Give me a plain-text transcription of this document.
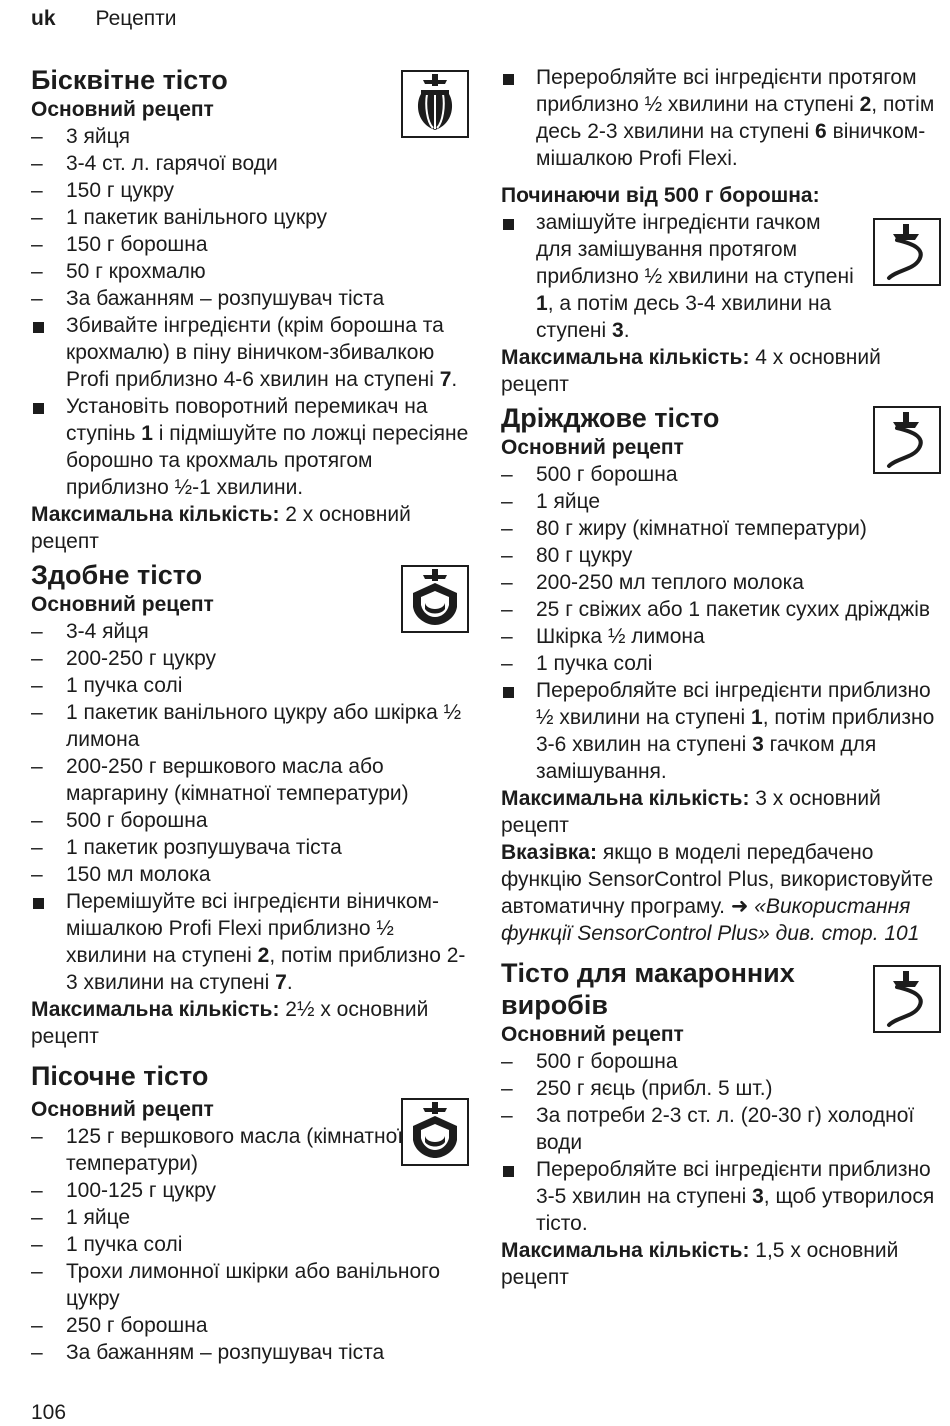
uk Рецепти
Бісквітне тісто
Основний рецепт
–	3 яйця
–	3-4 ст. л. гарячої води
–	150 г цукру
–	1 пакетик ванільного цукру
–	150 г борошна
–	50 г крохмалю
–	За бажанням – розпушувач тіста
Збивайте інгредієнти (крім борошна та крохмалю) в піну віничком-збивалкою Profi приблизно 4-6 хвилин на ступені 7.
Установіть поворотний перемикач на ступінь 1 і підмішуйте по ложці пересіяне борошно та крохмаль протягом приблизно ½-1 хвилини.
Максимальна кількість: 2 х основний рецепт
Здобне тісто
Основний рецепт
–	3-4 яйця
–	200-250 г цукру
–	1 пучка солі
–	1 пакетик ванільного цукру або шкірка ½ лимона
–	200-250 г вершкового масла або маргарину (кімнатної температури)
–	500 г борошна
–	1 пакетик розпушувача тіста
–	150 мл молока
Перемішуйте всі інгредієнти віничком-мішалкою Profi Flexi приблизно ½ хвилини на ступені 2, потім приблизно 2-3 хвилини на ступені 7.
Максимальна кількість: 2½ х основний рецепт
Пісочне тісто
Основний рецепт
–	125 г вершкового масла (кімнатної температури)
–	100-125 г цукру
–	1 яйце
–	1 пучка солі
–	Трохи лимонної шкірки або ванільного цукру
–	250 г борошна
–	За бажанням – розпушувач тіста
Переробляйте всі інгредієнти протягом приблизно ½ хвилини на ступені 2, потім десь 2-3 хвилини на ступені 6 віничком-мішалкою Profi Flexi.
Починаючи від 500 г борошна:
замішуйте інгредієнти гачком для замішування протягом приблизно ½ хвилини на ступені 1, а потім десь 3-4 хвилини на ступені 3.
Максимальна кількість: 4 х основний рецепт
Дріжджове тісто
Основний рецепт
–	500 г борошна
–	1 яйце
–	80 г жиру (кімнатної температури)
–	80 г цукру
–	200-250 мл теплого молока
–	25 г свіжих або 1 пакетик сухих дріжджів
–	Шкірка ½ лимона
–	1 пучка солі
Переробляйте всі інгредієнти приблизно ½ хвилини на ступені 1, потім приблизно 3-6 хвилин на ступені 3 гачком для замішування.
Максимальна кількість: 3 х основний рецепт
Вказівка: якщо в моделі передбачено функцію SensorControl Plus, використовуйте автоматичну програму. ➜ «Використання функції SensorControl Plus» див. стор. 101
Тісто для макаронних виробів
Основний рецепт
–	500 г борошна
–	250 г яєць (прибл. 5 шт.)
–	За потреби 2-3 ст. л. (20-30 г) холодної води
Переробляйте всі інгредієнти приблизно 3-5 хвилин на ступені 3, щоб утворилося тісто.
Максимальна кількість: 1,5 х основний рецепт
106
